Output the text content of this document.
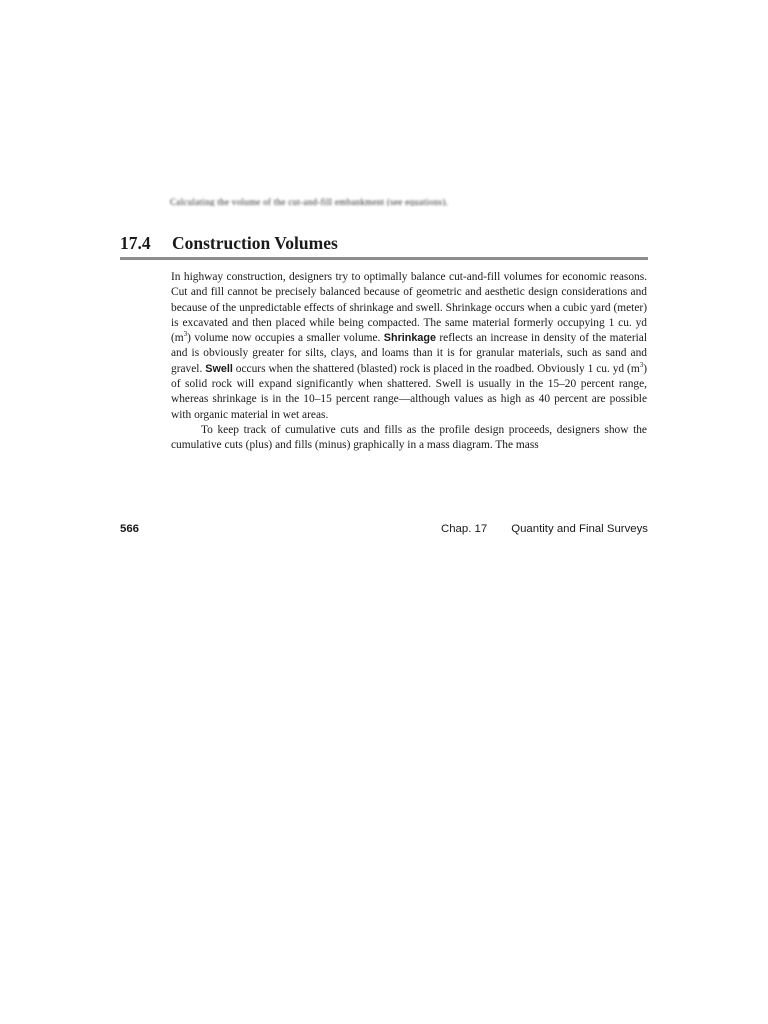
Calculating the volume of the cut-and-fill embankment (see equations).
17.4	Construction Volumes

In highway construction, designers try to optimally balance cut-and-fill volumes for economic reasons. Cut and fill cannot be precisely balanced because of geometric and aesthetic design considerations and because of the unpredictable effects of shrinkage and swell. Shrinkage occurs when a cubic yard (meter) is excavated and then placed while being compacted. The same material formerly occupying 1 cu. yd $(m^3)$ volume now occupies a smaller volume. Shrinkage reflects an increase in density of the material and is obviously greater for silts, clays, and loams than it is for granular materials, such as sand and gravel. Swell occurs when the shattered (blasted) rock is placed in the roadbed. Obviously 1 cu. yd $(m^3)$ of solid rock will expand significantly when shattered. Swell is usually in the 15–20 percent range, whereas shrinkage is in the 10–15 percent range—although values as high as 40 percent are possible with organic material in wet areas.

To keep track of cumulative cuts and fills as the profile design proceeds, designers show the cumulative cuts (plus) and fills (minus) graphically in a mass diagram. The mass

566	Chap. 17 Quantity and Final Surveys
